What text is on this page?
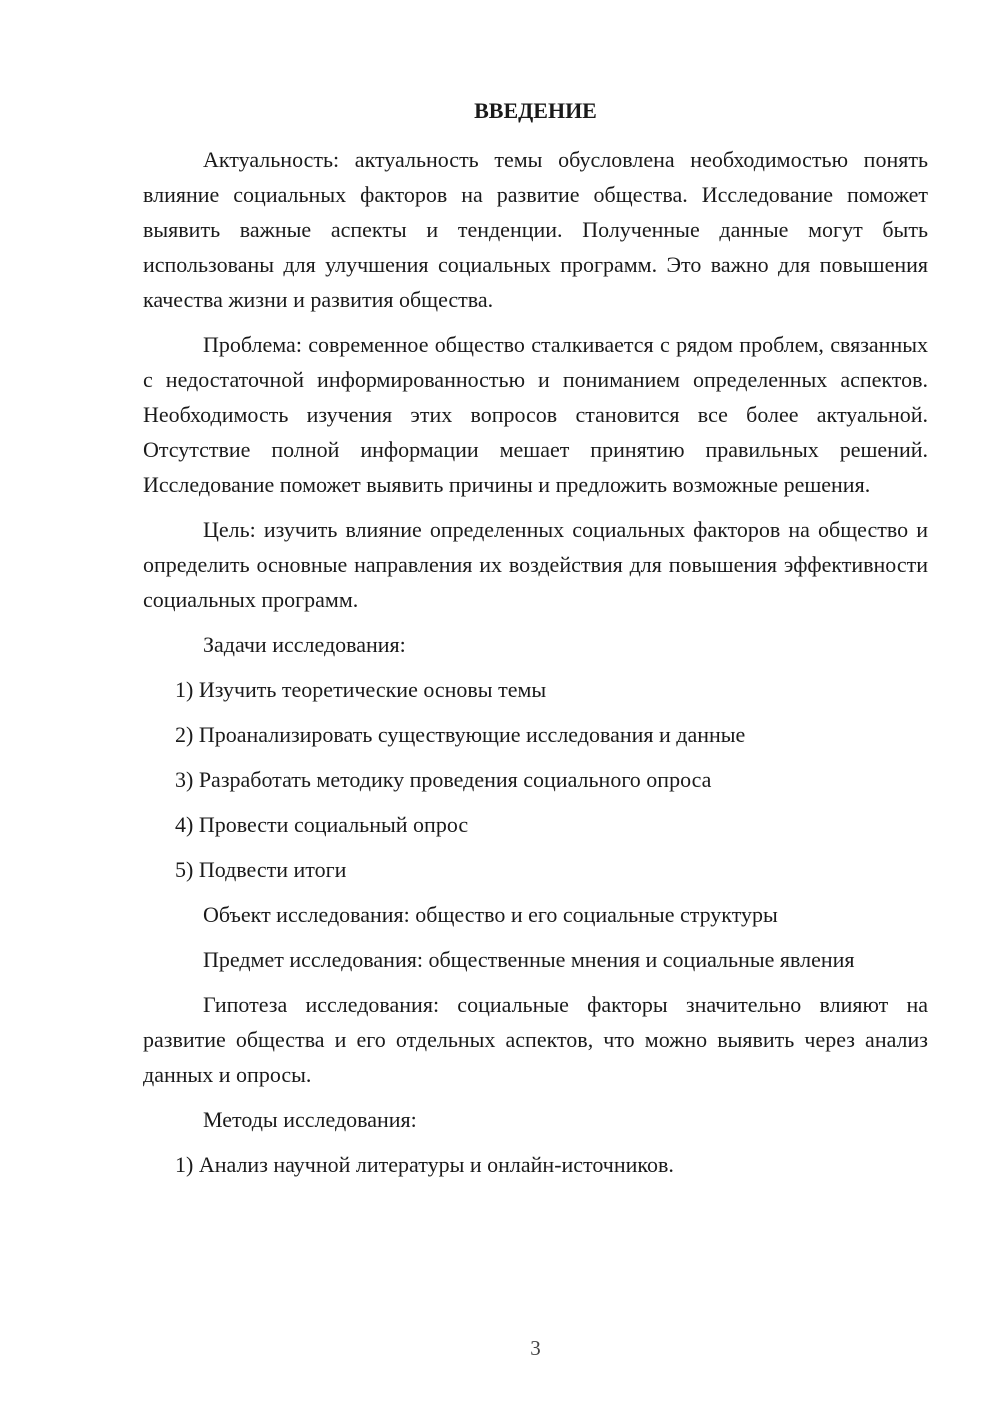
ВВЕДЕНИЕ

Актуальность: актуальность темы обусловлена необходимостью понять влияние социальных факторов на развитие общества. Исследование поможет выявить важные аспекты и тенденции. Полученные данные могут быть использованы для улучшения социальных программ. Это важно для повышения качества жизни и развития общества.

Проблема: современное общество сталкивается с рядом проблем, связанных с недостаточной информированностью и пониманием определенных аспектов. Необходимость изучения этих вопросов становится все более актуальной. Отсутствие полной информации мешает принятию правильных решений. Исследование поможет выявить причины и предложить возможные решения.

Цель: изучить влияние определенных социальных факторов на общество и определить основные направления их воздействия для повышения эффективности социальных программ.

Задачи исследования:

1) Изучить теоретические основы темы

2) Проанализировать существующие исследования и данные

3) Разработать методику проведения социального опроса

4) Провести социальный опрос

5) Подвести итоги

Объект исследования: общество и его социальные структуры

Предмет исследования: общественные мнения и социальные явления

Гипотеза исследования: социальные факторы значительно влияют на развитие общества и его отдельных аспектов, что можно выявить через анализ данных и опросы.

Методы исследования:

1) Анализ научной литературы и онлайн-источников.

3
